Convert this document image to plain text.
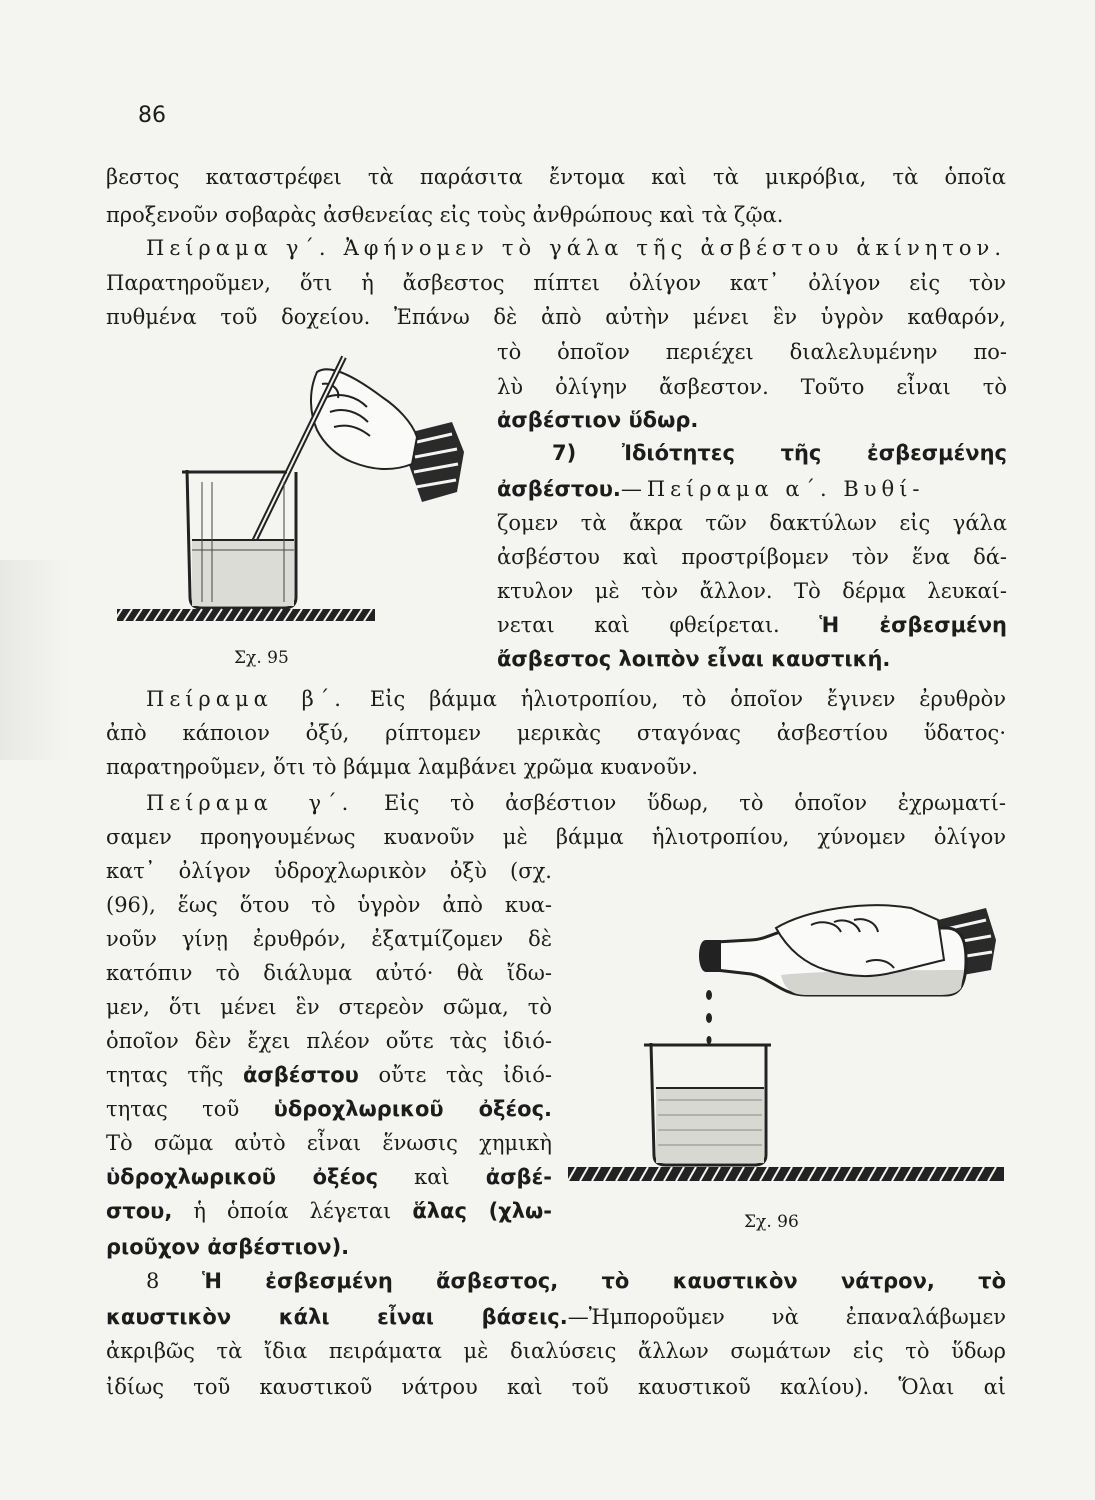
86
βεστος καταστρέφει τὰ παράσιτα ἔντομα καὶ τὰ μικρόβια, τὰ ὁποῖα
προξενοῦν σοβαρὰς ἀσθενείας εἰς τοὺς ἀνθρώπους καὶ τὰ ζῷα.
Πείραμα γ΄. Ἀφήνομεν τὸ γάλα τῆς ἀσβέστου ἀκίνητον.
Παρατηροῦμεν, ὅτι ἡ ἄσβεστος πίπτει ὀλίγον κατ᾽ ὀλίγον εἰς τὸν
πυθμένα τοῦ δοχείου. Ἐπάνω δὲ ἀπὸ αὐτὴν μένει ἓν ὑγρὸν καθαρόν,
τὸ ὁποῖον περιέχει διαλελυμένην πο-
λὺ ὀλίγην ἄσβεστον. Τοῦτο εἶναι τὸ
ἀσβέστιον ὕδωρ.
7) Ἰδιότητες τῆς ἐσβεσμένης
ἀσβέστου.—Πείραμα α΄. Βυθί-
ζομεν τὰ ἄκρα τῶν δακτύλων εἰς γάλα
ἀσβέστου καὶ προστρίβομεν τὸν ἕνα δά-
κτυλον μὲ τὸν ἄλλον. Τὸ δέρμα λευκαί-
νεται καὶ φθείρεται. Ἡ ἐσβεσμένη
ἄσβεστος λοιπὸν εἶναι καυστική.
Σχ. 95
Πείραμα β΄. Εἰς βάμμα ἡλιοτροπίου, τὸ ὁποῖον ἔγινεν ἐρυθρὸν
ἀπὸ κάποιον ὀξύ, ρίπτομεν μερικὰς σταγόνας ἀσβεστίου ὕδατος·
παρατηροῦμεν, ὅτι τὸ βάμμα λαμβάνει χρῶμα κυανοῦν.
Πείραμα γ΄. Εἰς τὸ ἀσβέστιον ὕδωρ, τὸ ὁποῖον ἐχρωματί-
σαμεν προηγουμένως κυανοῦν μὲ βάμμα ἡλιοτροπίου, χύνομεν ὀλίγον
κατ᾽ ὀλίγον ὑδροχλωρικὸν ὀξὺ (σχ.
(96), ἕως ὅτου τὸ ὑγρὸν ἀπὸ κυα-
νοῦν γίνῃ ἐρυθρόν, ἐξατμίζομεν δὲ
κατόπιν τὸ διάλυμα αὐτό· θὰ ἴδω-
μεν, ὅτι μένει ἓν στερεὸν σῶμα, τὸ
ὁποῖον δὲν ἔχει πλέον οὔτε τὰς ἰδιό-
τητας τῆς ἀσβέστου οὔτε τὰς ἰδιό-
τητας τοῦ ὑδροχλωρικοῦ ὀξέος.
Τὸ σῶμα αὐτὸ εἶναι ἕνωσις χημικὴ
ὑδροχλωρικοῦ ὀξέος καὶ ἀσβέ-
στου, ἡ ὁποία λέγεται ἅλας (χλω-
ριοῦχον ἀσβέστιον).
Σχ. 96
8 Ἡ ἐσβεσμένη ἄσβεστος, τὸ καυστικὸν νάτρον, τὸ
καυστικὸν κάλι εἶναι βάσεις.—Ἠμποροῦμεν νὰ ἐπαναλάβωμεν
ἀκριβῶς τὰ ἴδια πειράματα μὲ διαλύσεις ἄλλων σωμάτων εἰς τὸ ὕδωρ
ἰδίως τοῦ καυστικοῦ νάτρου καὶ τοῦ καυστικοῦ καλίου). Ὅλαι αἱ
